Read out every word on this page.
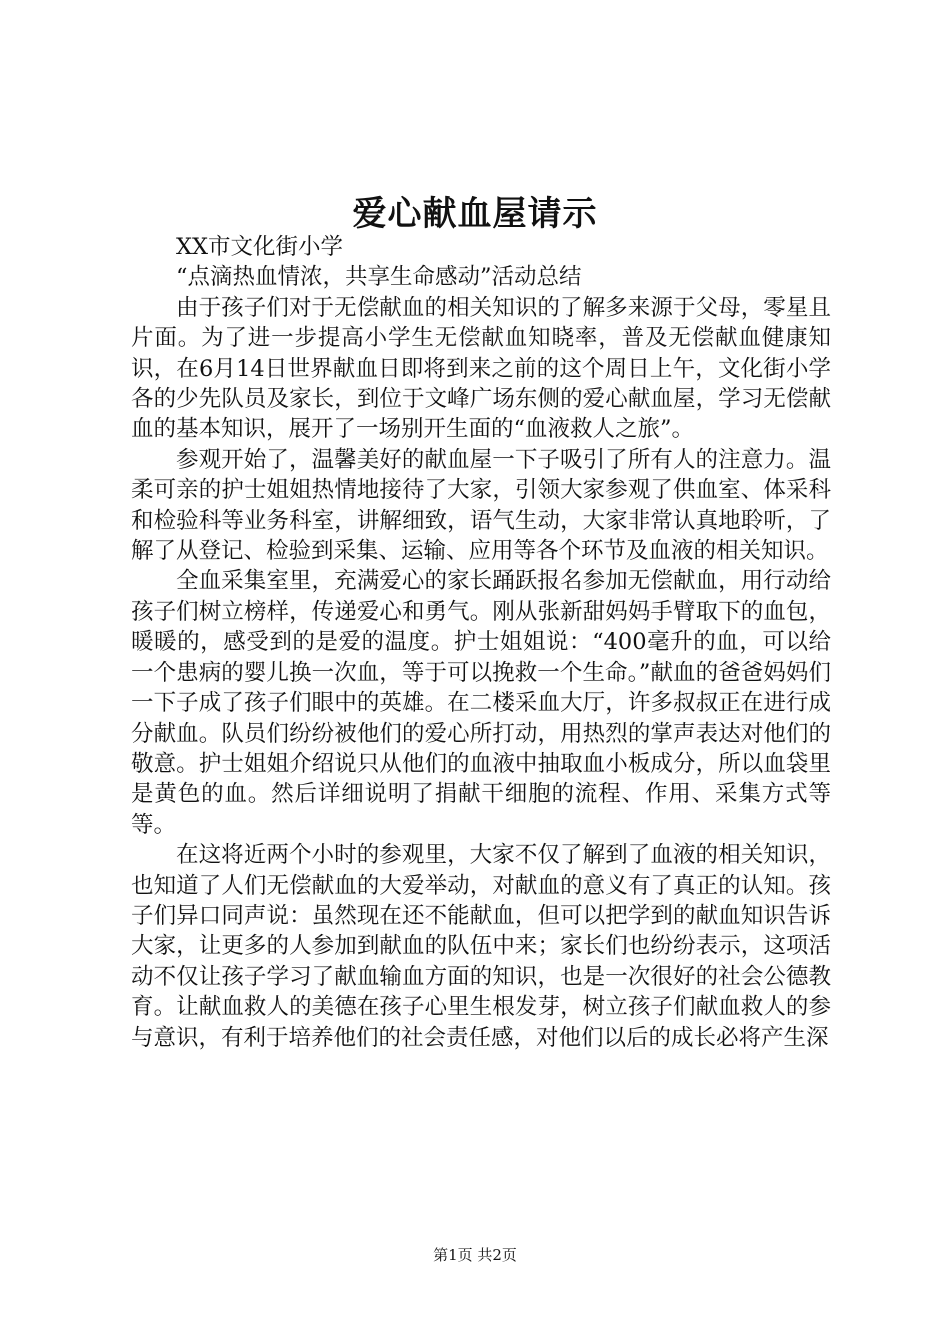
爱心献血屋请示

XX市文化街小学

“点滴热血情浓，共享生命感动”活动总结

由于孩子们对于无偿献血的相关知识的了解多来源于父母，零星且片面。为了进一步提高小学生无偿献血知晓率，普及无偿献血健康知识，在6月14日世界献血日即将到来之前的这个周日上午，文化街小学各的少先队员及家长，到位于文峰广场东侧的爱心献血屋，学习无偿献血的基本知识，展开了一场别开生面的“血液救人之旅”。

参观开始了，温馨美好的献血屋一下子吸引了所有人的注意力。温柔可亲的护士姐姐热情地接待了大家，引领大家参观了供血室、体采科和检验科等业务科室，讲解细致，语气生动，大家非常认真地聆听，了解了从登记、检验到采集、运输、应用等各个环节及血液的相关知识。

全血采集室里，充满爱心的家长踊跃报名参加无偿献血，用行动给孩子们树立榜样，传递爱心和勇气。刚从张新甜妈妈手臂取下的血包，暖暖的，感受到的是爱的温度。护士姐姐说：“400毫升的血，可以给一个患病的婴儿换一次血，等于可以挽救一个生命。”献血的爸爸妈妈们一下子成了孩子们眼中的英雄。在二楼采血大厅，许多叔叔正在进行成分献血。队员们纷纷被他们的爱心所打动，用热烈的掌声表达对他们的敬意。护士姐姐介绍说只从他们的血液中抽取血小板成分，所以血袋里是黄色的血。然后详细说明了捐献干细胞的流程、作用、采集方式等等。

在这将近两个小时的参观里，大家不仅了解到了血液的相关知识，也知道了人们无偿献血的大爱举动，对献血的意义有了真正的认知。孩子们异口同声说：虽然现在还不能献血，但可以把学到的献血知识告诉大家，让更多的人参加到献血的队伍中来；家长们也纷纷表示，这项活动不仅让孩子学习了献血输血方面的知识，也是一次很好的社会公德教育。让献血救人的美德在孩子心里生根发芽，树立孩子们献血救人的参与意识，有利于培养他们的社会责任感，对他们以后的成长必将产生深

第1页 共2页
